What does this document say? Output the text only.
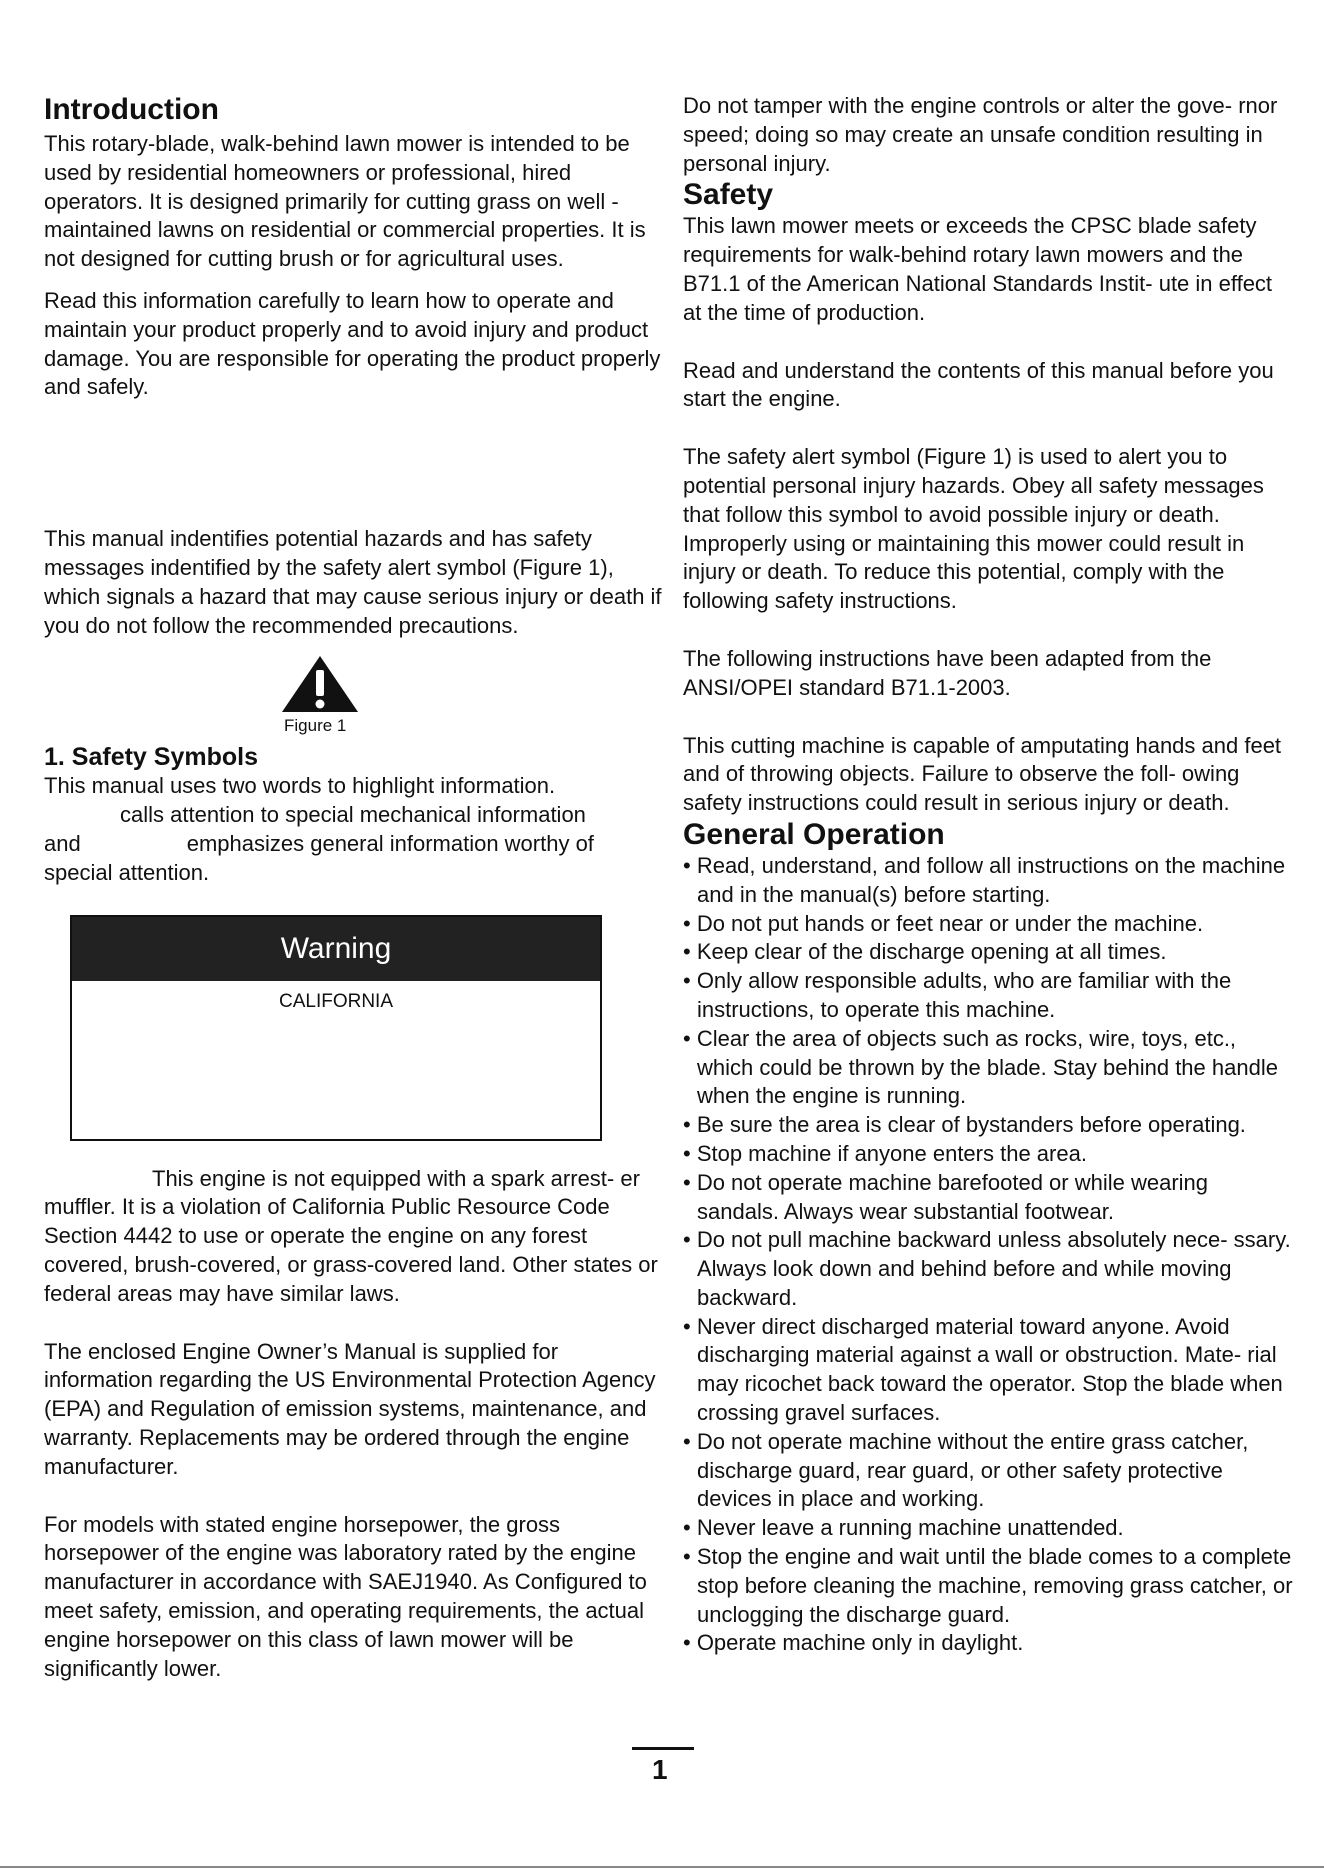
Introduction

This rotary-blade, walk-behind lawn mower is intended to be used by residential homeowners or professional, hired operators. It is designed primarily for cutting grass on well -maintained lawns on residential or commercial properties. It is not designed for cutting brush or for agricultural uses.

Read this information carefully to learn how to operate and maintain your product properly and to avoid injury and product damage. You are responsible for operating the product properly and safely.

This manual indentifies potential hazards and has safety messages indentified by the safety alert symbol (Figure 1), which signals a hazard that may cause serious injury or death if you do not follow the recommended precautions.

Figure 1
1. Safety Symbols

This manual uses two words to highlight information.

calls attention to special mechanical information

and	emphasizes general information worthy of

special attention.

Warning
CALIFORNIA

This engine is not equipped with a spark arrest- er muffler. It is a violation of California Public Resource Code Section 4442 to use or operate the engine on any forest covered, brush-covered, or grass-covered land. Other states or federal areas may have similar laws.

The enclosed Engine Owner’s Manual is supplied for information regarding the US Environmental Protection Agency (EPA) and Regulation of emission systems, maintenance, and warranty. Replacements may be ordered through the engine manufacturer.

For models with stated engine horsepower, the gross horsepower of the engine was laboratory rated by the engine manufacturer in accordance with SAEJ1940. As Configured to meet safety, emission, and operating requirements, the actual engine horsepower on this class of lawn mower will be significantly lower.

Do not tamper with the engine controls or alter the gove- rnor speed; doing so may create an unsafe condition resulting in personal injury.

Safety

This lawn mower meets or exceeds the CPSC blade safety requirements for walk-behind rotary lawn mowers and the B71.1 of the American National Standards Instit- ute in effect at the time of production.

Read and understand the contents of this manual before you start the engine.

The safety alert symbol (Figure 1) is used to alert you to potential personal injury hazards. Obey all safety messages that follow this symbol to avoid possible injury or death. Improperly using or maintaining this mower could result in injury or death. To reduce this potential, comply with the following safety instructions.

The following instructions have been adapted from the ANSI/OPEI standard B71.1-2003.

This cutting machine is capable of amputating hands and feet and of throwing objects. Failure to observe the foll- owing safety instructions could result in serious injury or death.

General Operation
• Read, understand, and follow all instructions on the machine and in the manual(s) before starting.
• Do not put hands or feet near or under the machine.
• Keep clear of the discharge opening at all times.
• Only allow responsible adults, who are familiar with the instructions, to operate this machine.
• Clear the area of objects such as rocks, wire, toys, etc., which could be thrown by the blade. Stay behind the handle when the engine is running.
• Be sure the area is clear of bystanders before operating.
• Stop machine if anyone enters the area.
• Do not operate machine barefooted or while wearing sandals. Always wear substantial footwear.
• Do not pull machine backward unless absolutely nece- ssary. Always look down and behind before and while moving backward.
• Never direct discharged material toward anyone. Avoid discharging material against a wall or obstruction. Mate- rial may ricochet back toward the operator. Stop the blade when crossing gravel surfaces.
• Do not operate machine without the entire grass catcher, discharge guard, rear guard, or other safety protective devices in place and working.
• Never leave a running machine unattended.
• Stop the engine and wait until the blade comes to a complete stop before cleaning the machine, removing grass catcher, or unclogging the discharge guard.
• Operate machine only in daylight.
1
